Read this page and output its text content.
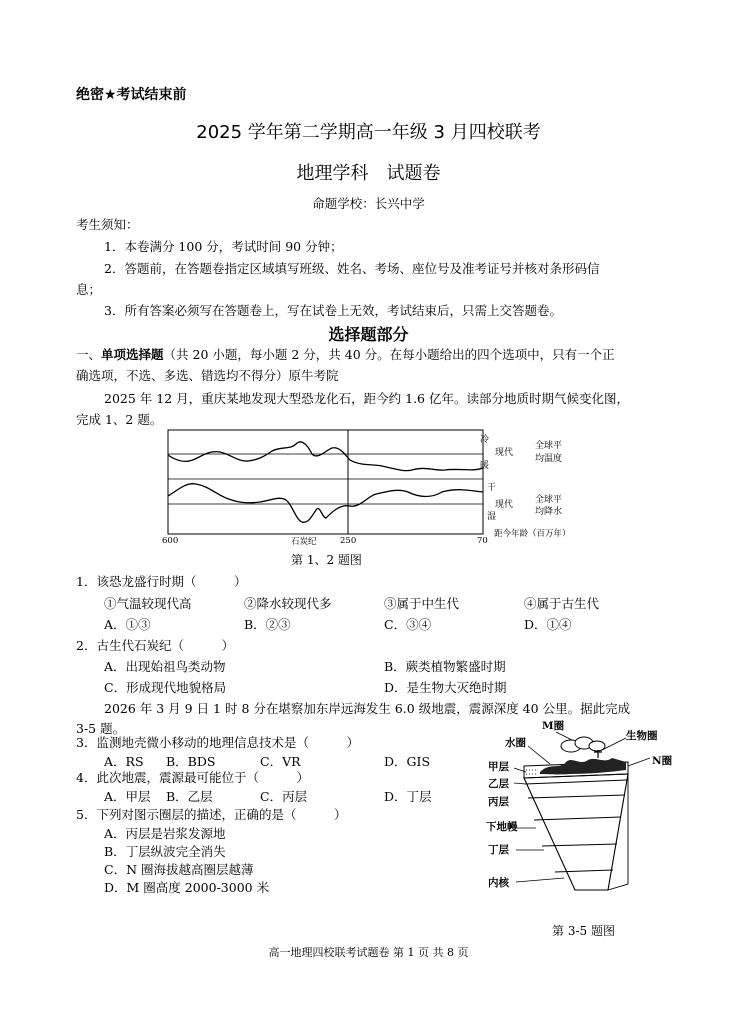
绝密★考试结束前
2025 学年第二学期高一年级 3 月四校联考
地理学科　试题卷
命题学校：长兴中学
考生须知：
1．本卷满分 100 分，考试时间 90 分钟；
2．答题前，在答题卷指定区域填写班级、姓名、考场、座位号及准考证号并核对条形码信
息；
3．所有答案必须写在答题卷上，写在试卷上无效，考试结束后，只需上交答题卷。
选择题部分
一、单项选择题（共 20 小题，每小题 2 分，共 40 分。在每小题给出的四个选项中，只有一个正
确选项，不选、多选、错选均不得分）原牛考院
2025 年 12 月，重庆某地发现大型恐龙化石，距今约 1.6 亿年。读部分地质时期气候变化图，
完成 1、2 题。
冷
现代
暖
全球平
均温度
干
现代
湿
全球平
均降水
600	石炭纪	250	70
距今年龄（百万年）
第 1、2 题图
1．该恐龙盛行时期（　　　）
①气温较现代高	②降水较现代多	③属于中生代	④属于古生代
A．①③	B．②③	C．③④	D．①④
2．古生代石炭纪（　　　）
A．出现始祖鸟类动物	B．蕨类植物繁盛时期
C．形成现代地貌格局	D．是生物大灭绝时期
2026 年 3 月 9 日 1 时 8 分在堪察加东岸远海发生 6.0 级地震，震源深度 40 公里。据此完成
3-5 题。
3．监测地壳微小移动的地理信息技术是（　　　）
A．RS B．BDS	C．VR	D．GIS
4．此次地震，震源最可能位于（　　　）
A．甲层 B．乙层	C．丙层	D．丁层
5．下列对图示圈层的描述，正确的是（　　　）
A．丙层是岩浆发源地
B．丁层纵波完全消失
C．N 圈海拔越高圈层越薄
D．M 圈高度 2000-3000 米
M圈
生物圈
水圈
N圈
甲层
乙层
丙层
下地幔
丁层
内核
第 3-5 题图
高一地理四校联考试题卷 第 1 页 共 8 页
